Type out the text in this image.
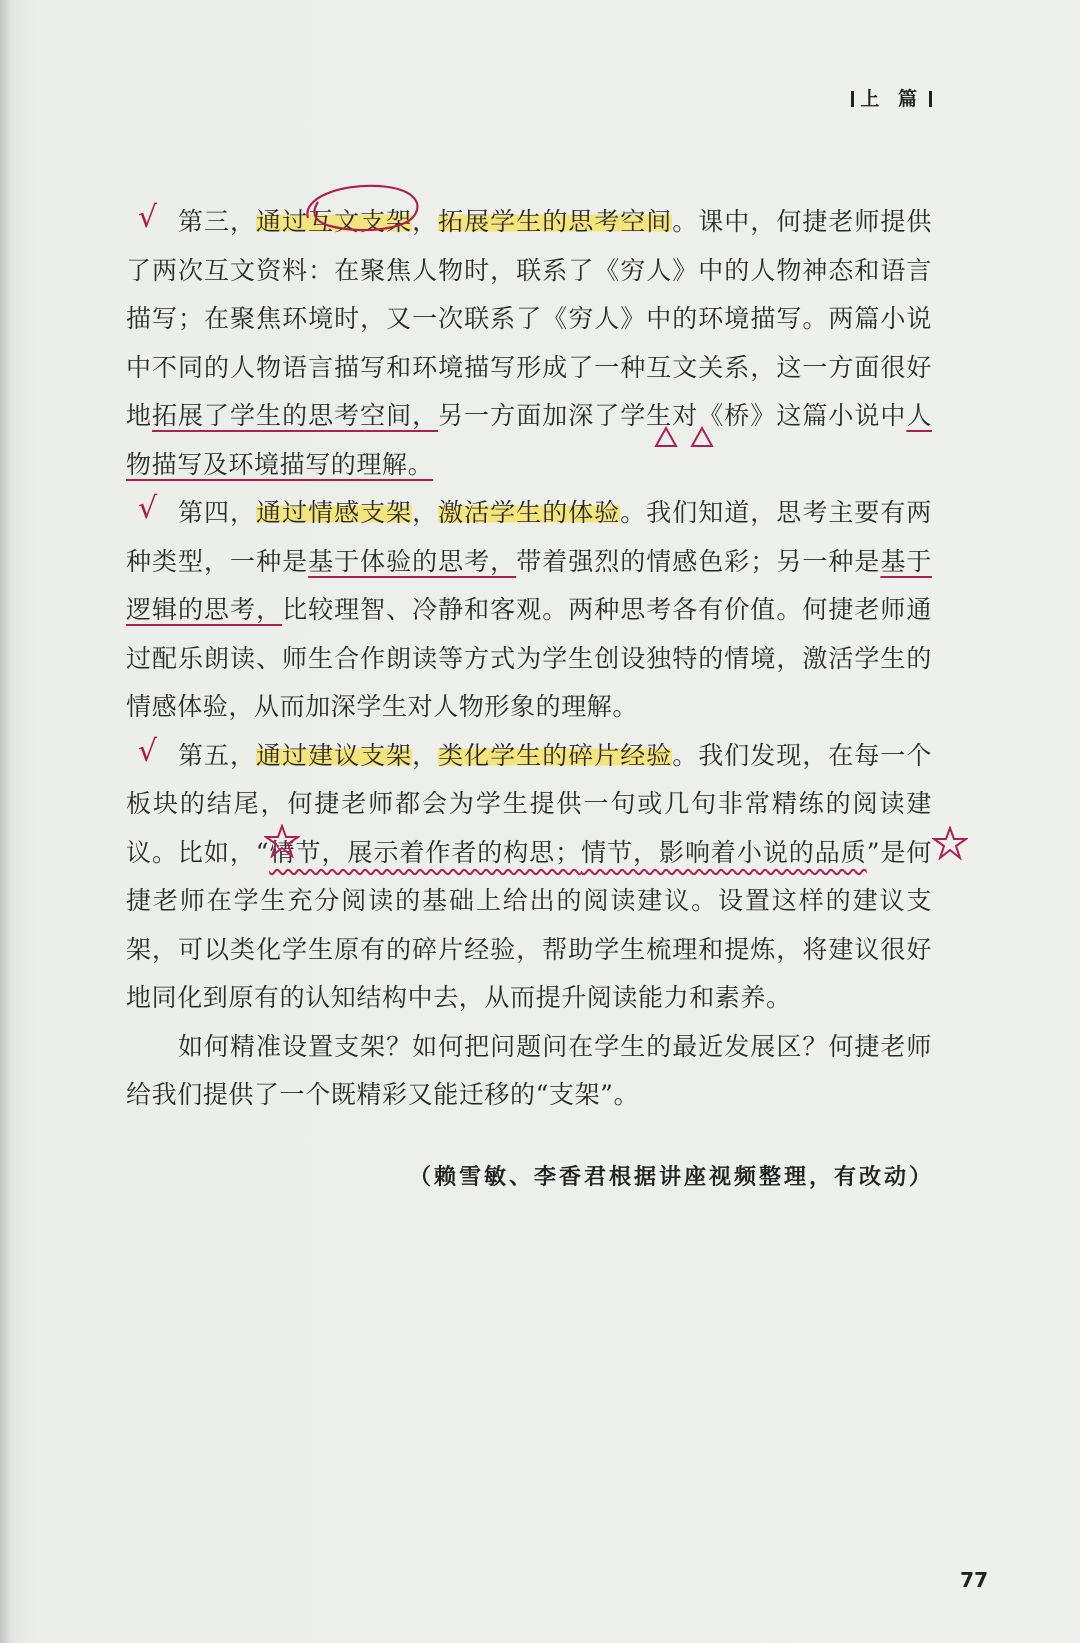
上 篇
√
√
√

第三，通过互文支架，拓展学生的思考空间。课中，何捷老师提供了两次互文资料：在聚焦人物时，联系了《穷人》中的人物神态和语言描写；在聚焦环境时，又一次联系了《穷人》中的环境描写。两篇小说中不同的人物语言描写和环境描写形成了一种互文关系，这一方面很好地拓展了学生的思考空间，另一方面加深了学生对《桥》这篇小说中人物描写及环境描写的理解。

第四，通过情感支架，激活学生的体验。我们知道，思考主要有两种类型，一种是基于体验的思考，带着强烈的情感色彩；另一种是基于逻辑的思考，比较理智、冷静和客观。两种思考各有价值。何捷老师通过配乐朗读、师生合作朗读等方式为学生创设独特的情境，激活学生的情感体验，从而加深学生对人物形象的理解。

第五，通过建议支架，类化学生的碎片经验。我们发现，在每一个板块的结尾，何捷老师都会为学生提供一句或几句非常精练的阅读建议。比如，“情节，展示着作者的构思；情节，影响着小说的品质”是何捷老师在学生充分阅读的基础上给出的阅读建议。设置这样的建议支架，可以类化学生原有的碎片经验，帮助学生梳理和提炼，将建议很好地同化到原有的认知结构中去，从而提升阅读能力和素养。

如何精准设置支架？如何把问题问在学生的最近发展区？何捷老师给我们提供了一个既精彩又能迁移的“支架”。

（赖雪敏、李香君根据讲座视频整理，有改动）
77
